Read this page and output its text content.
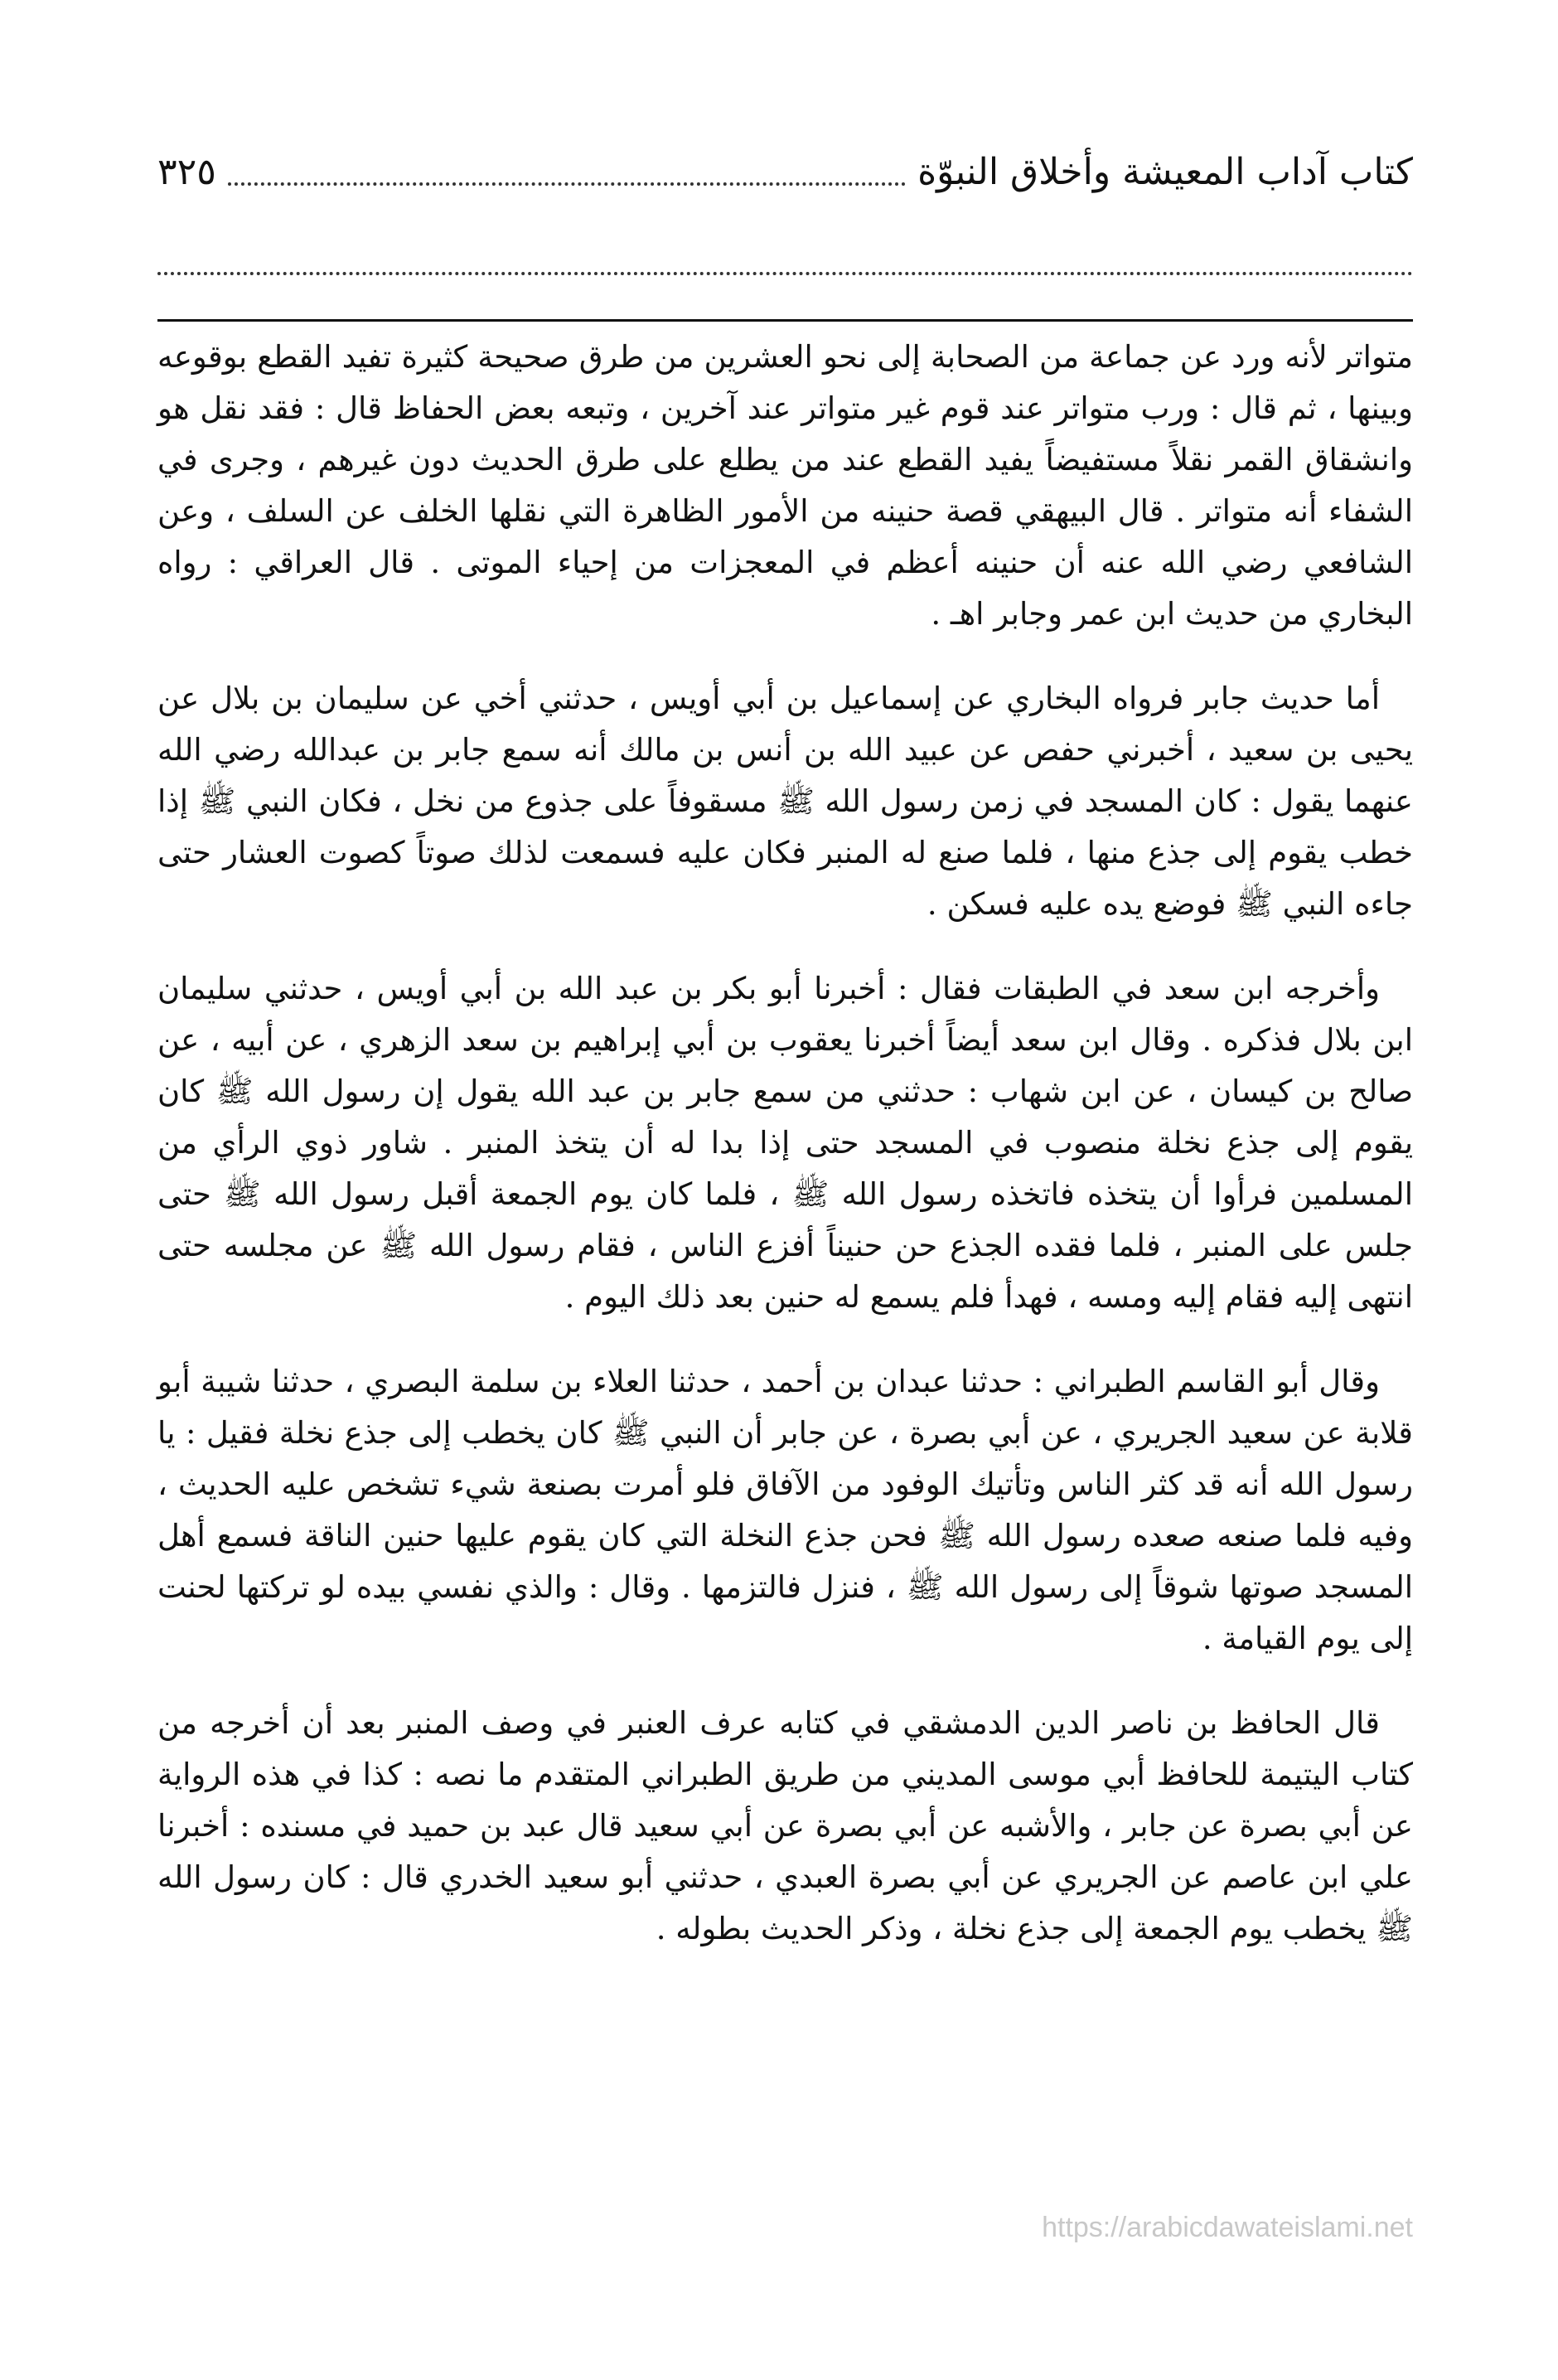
كتاب آداب المعيشة وأخلاق النبوّة
٣٢٥

متواتر لأنه ورد عن جماعة من الصحابة إلى نحو العشرين من طرق صحيحة كثيرة تفيد القطع بوقوعه وبينها ، ثم قال : ورب متواتر عند قوم غير متواتر عند آخرين ، وتبعه بعض الحفاظ قال : فقد نقل هو وانشقاق القمر نقلاً مستفيضاً يفيد القطع عند من يطلع على طرق الحديث دون غيرهم ، وجرى في الشفاء أنه متواتر . قال البيهقي قصة حنينه من الأمور الظاهرة التي نقلها الخلف عن السلف ، وعن الشافعي رضي الله عنه أن حنينه أعظم في المعجزات من إحياء الموتى . قال العراقي : رواه البخاري من حديث ابن عمر وجابر اهـ .

أما حديث جابر فرواه البخاري عن إسماعيل بن أبي أويس ، حدثني أخي عن سليمان بن بلال عن يحيى بن سعيد ، أخبرني حفص عن عبيد الله بن أنس بن مالك أنه سمع جابر بن عبدالله رضي الله عنهما يقول : كان المسجد في زمن رسول الله ﷺ مسقوفاً على جذوع من نخل ، فكان النبي ﷺ إذا خطب يقوم إلى جذع منها ، فلما صنع له المنبر فكان عليه فسمعت لذلك صوتاً كصوت العشار حتى جاءه النبي ﷺ فوضع يده عليه فسكن .

وأخرجه ابن سعد في الطبقات فقال : أخبرنا أبو بكر بن عبد الله بن أبي أويس ، حدثني سليمان ابن بلال فذكره . وقال ابن سعد أيضاً أخبرنا يعقوب بن أبي إبراهيم بن سعد الزهري ، عن أبيه ، عن صالح بن كيسان ، عن ابن شهاب : حدثني من سمع جابر بن عبد الله يقول إن رسول الله ﷺ كان يقوم إلى جذع نخلة منصوب في المسجد حتى إذا بدا له أن يتخذ المنبر . شاور ذوي الرأي من المسلمين فرأوا أن يتخذه فاتخذه رسول الله ﷺ ، فلما كان يوم الجمعة أقبل رسول الله ﷺ حتى جلس على المنبر ، فلما فقده الجذع حن حنيناً أفزع الناس ، فقام رسول الله ﷺ عن مجلسه حتى انتهى إليه فقام إليه ومسه ، فهدأ فلم يسمع له حنين بعد ذلك اليوم .

وقال أبو القاسم الطبراني : حدثنا عبدان بن أحمد ، حدثنا العلاء بن سلمة البصري ، حدثنا شيبة أبو قلابة عن سعيد الجريري ، عن أبي بصرة ، عن جابر أن النبي ﷺ كان يخطب إلى جذع نخلة فقيل : يا رسول الله أنه قد كثر الناس وتأتيك الوفود من الآفاق فلو أمرت بصنعة شيء تشخص عليه الحديث ، وفيه فلما صنعه صعده رسول الله ﷺ فحن جذع النخلة التي كان يقوم عليها حنين الناقة فسمع أهل المسجد صوتها شوقاً إلى رسول الله ﷺ ، فنزل فالتزمها . وقال : والذي نفسي بيده لو تركتها لحنت إلى يوم القيامة .

قال الحافظ بن ناصر الدين الدمشقي في كتابه عرف العنبر في وصف المنبر بعد أن أخرجه من كتاب اليتيمة للحافظ أبي موسى المديني من طريق الطبراني المتقدم ما نصه : كذا في هذه الرواية عن أبي بصرة عن جابر ، والأشبه عن أبي بصرة عن أبي سعيد قال عبد بن حميد في مسنده : أخبرنا علي ابن عاصم عن الجريري عن أبي بصرة العبدي ، حدثني أبو سعيد الخدري قال : كان رسول الله ﷺ يخطب يوم الجمعة إلى جذع نخلة ، وذكر الحديث بطوله .

https://arabicdawateislami.net
